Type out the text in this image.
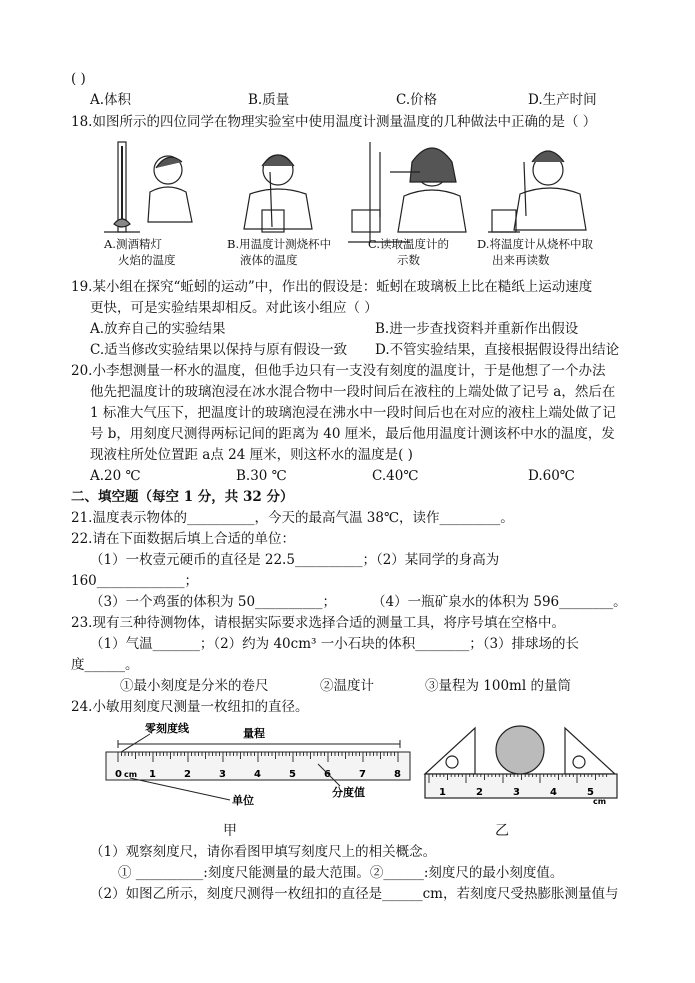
( )
A.体积	B.质量	C.价格	D.生产时间
18.如图所示的四位同学在物理实验室中使用温度计测量温度的几种做法中正确的是（ ）
A.测酒精灯
火焰的温度
B.用温度计测烧杯中
液体的温度
C.读取温度计的
示数
D.将温度计从烧杯中取
出来再读数
19.某小组在探究“蚯蚓的运动”中，作出的假设是：蚯蚓在玻璃板上比在糙纸上运动速度
更快，可是实验结果却相反。对此该小组应（ ）
A.放弃自己的实验结果	B.进一步查找资料并重新作出假设
C.适当修改实验结果以保持与原有假设一致 D.不管实验结果，直接根据假设得出结论
20.小李想测量一杯水的温度，但他手边只有一支没有刻度的温度计，于是他想了一个办法
他先把温度计的玻璃泡浸在冰水混合物中一段时间后在液柱的上端处做了记号 a，然后在
1 标准大气压下，把温度计的玻璃泡浸在沸水中一段时间后也在对应的液柱上端处做了记
号 b，用刻度尺测得两标记间的距离为 40 厘米，最后他用温度计测该杯中水的温度，发
现液柱所处位置距 a点 24 厘米，则这杯水的温度是( )
A.20 ℃	B.30 ℃	C.40℃	D.60℃
二、填空题（每空 1 分，共 32 分）
21.温度表示物体的__________，今天的最高气温 38℃，读作_________。
22.请在下面数据后填上合适的单位：
（1）一枚壹元硬币的直径是 22.5__________；（2）某同学的身高为
160_____________；
（3）一个鸡蛋的体积为 50__________；	（4）一瓶矿泉水的体积为 596________。
23.现有三种待测物体，请根据实际要求选择合适的测量工具，将序号填在空格中。
（1）气温_______；（2）约为 40cm³ 一小石块的体积________；（3）排球场的长
度______。
①最小刻度是分米的卷尺	②温度计	③量程为 100ml 的量筒
24.小敏用刻度尺测量一枚纽扣的直径。
零刻度线	量程
0 cm 1	2	3	4	5	6	7	8
单位
分度值	1	2	3	4	5
cm
甲	乙
（1）观察刻度尺，请你看图甲填写刻度尺上的相关概念。
① __________:刻度尺能测量的最大范围。②______:刻度尺的最小刻度值。
（2）如图乙所示，刻度尺测得一枚纽扣的直径是______cm，若刻度尺受热膨胀测量值与
